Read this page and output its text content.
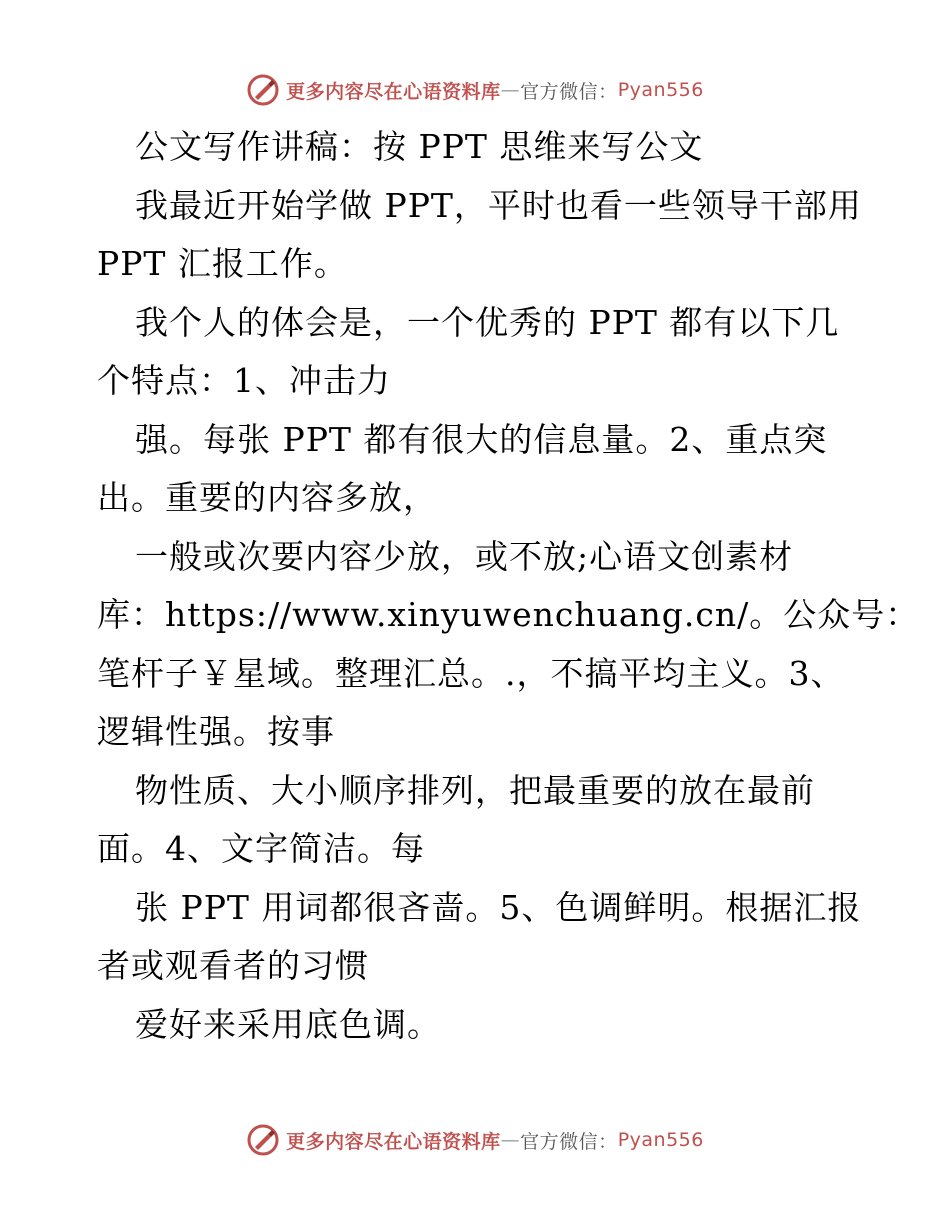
更多内容尽在心语资料库 — 官方微信： Pyan556
公文写作讲稿：按 PPT 思维来写公文
我最近开始学做 PPT，平时也看一些领导干部用
PPT 汇报工作。
我个人的体会是，一个优秀的 PPT 都有以下几
个特点：1、冲击力
强。每张 PPT 都有很大的信息量。2、重点突
出。重要的内容多放，
一般或次要内容少放，或不放;心语文创素材
库：https://www.xinyuwenchuang.cn/。公众号：
笔杆子￥星域。整理汇总。.，不搞平均主义。3、
逻辑性强。按事
物性质、大小顺序排列，把最重要的放在最前
面。4、文字简洁。每
张 PPT 用词都很吝啬。5、色调鲜明。根据汇报
者或观看者的习惯
爱好来采用底色调。
更多内容尽在心语资料库 — 官方微信： Pyan556
